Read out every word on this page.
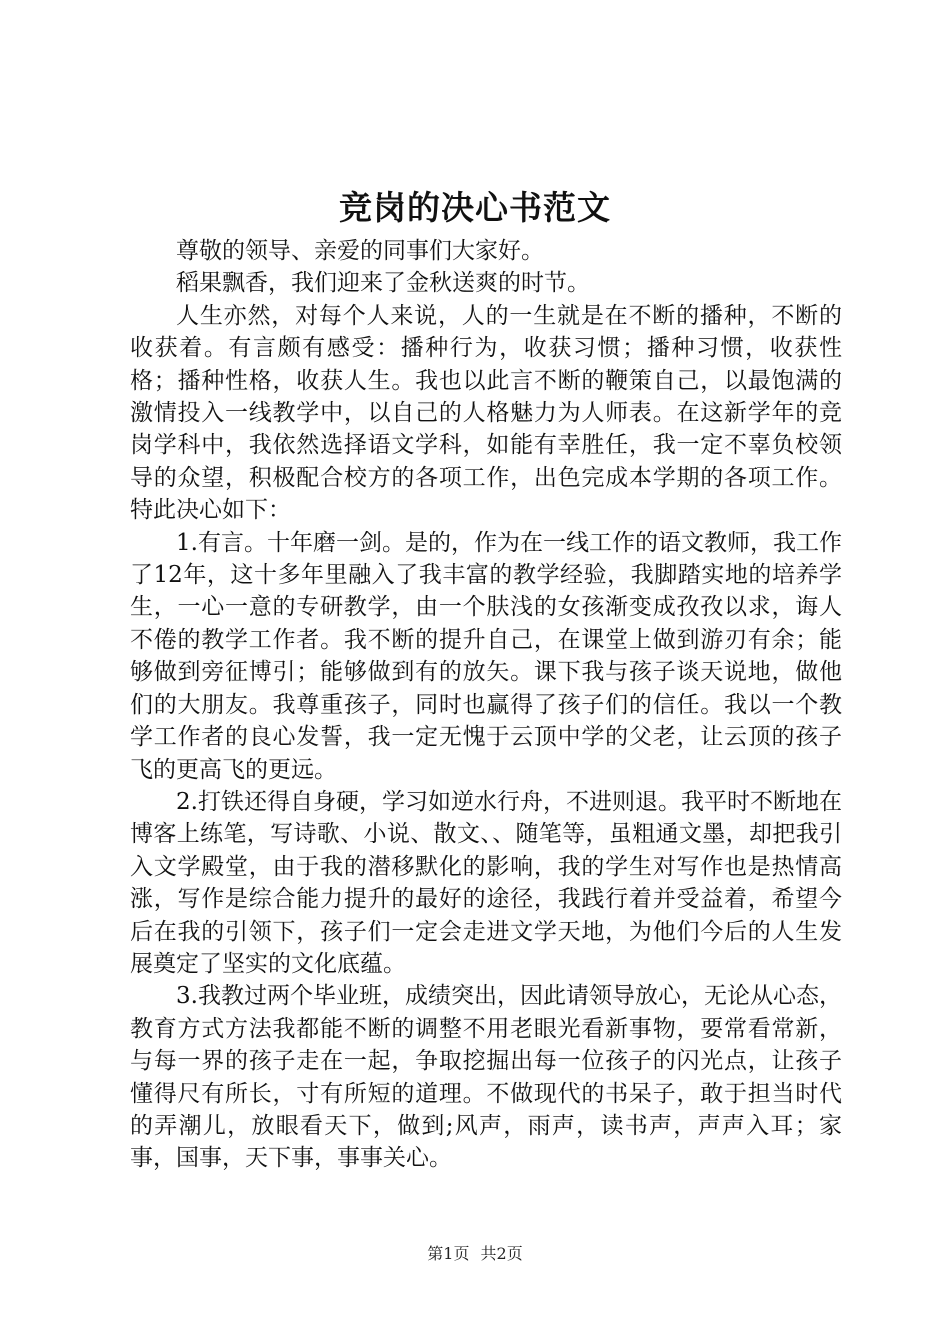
竞岗的决心书范文

尊敬的领导、亲爱的同事们大家好。

稻果飘香，我们迎来了金秋送爽的时节。

人生亦然，对每个人来说，人的一生就是在不断的播种，不断的收获着。有言颇有感受：播种行为，收获习惯；播种习惯，收获性格；播种性格，收获人生。我也以此言不断的鞭策自己，以最饱满的激情投入一线教学中，以自己的人格魅力为人师表。在这新学年的竞岗学科中，我依然选择语文学科，如能有幸胜任，我一定不辜负校领导的众望，积极配合校方的各项工作，出色完成本学期的各项工作。特此决心如下：

1.有言。十年磨一剑。是的，作为在一线工作的语文教师，我工作了12年，这十多年里融入了我丰富的教学经验，我脚踏实地的培养学生，一心一意的专研教学，由一个肤浅的女孩渐变成孜孜以求，诲人不倦的教学工作者。我不断的提升自己，在课堂上做到游刃有余；能够做到旁征博引；能够做到有的放矢。课下我与孩子谈天说地，做他们的大朋友。我尊重孩子，同时也赢得了孩子们的信任。我以一个教学工作者的良心发誓，我一定无愧于云顶中学的父老，让云顶的孩子飞的更高飞的更远。

2.打铁还得自身硬，学习如逆水行舟，不进则退。我平时不断地在博客上练笔，写诗歌、小说、散文、、随笔等，虽粗通文墨，却把我引入文学殿堂，由于我的潜移默化的影响，我的学生对写作也是热情高涨，写作是综合能力提升的最好的途径，我践行着并受益着，希望今后在我的引领下，孩子们一定会走进文学天地，为他们今后的人生发展奠定了坚实的文化底蕴。

3.我教过两个毕业班，成绩突出，因此请领导放心，无论从心态，教育方式方法我都能不断的调整不用老眼光看新事物，要常看常新，与每一界的孩子走在一起，争取挖掘出每一位孩子的闪光点，让孩子懂得尺有所长，寸有所短的道理。不做现代的书呆子，敢于担当时代的弄潮儿，放眼看天下，做到;风声，雨声，读书声，声声入耳；家事，国事，天下事，事事关心。

第1页 共2页
